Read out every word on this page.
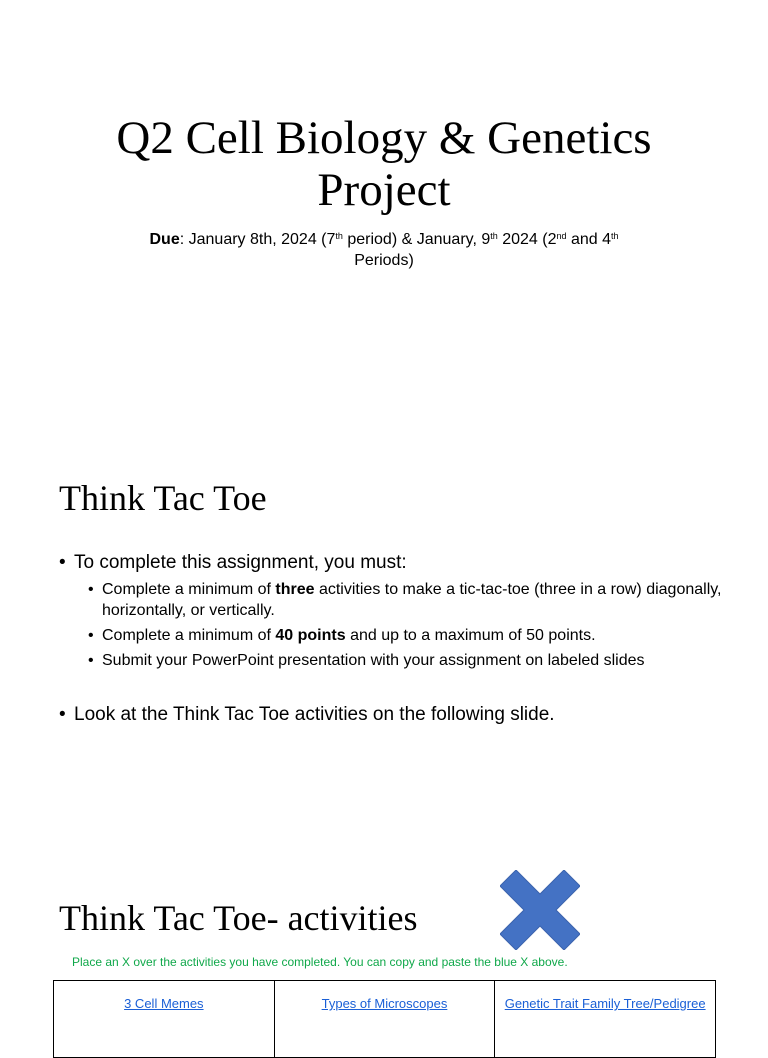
Q2 Cell Biology & Genetics
Project
Due: January 8th, 2024 (7th period) & January, 9th 2024 (2nd and 4th
Periods)
Think Tac Toe
• To complete this assignment, you must:
• Complete a minimum of three activities to make a tic-tac-toe (three in a row) diagonally, horizontally, or vertically.
• Complete a minimum of 40 points and up to a maximum of 50 points.
• Submit your PowerPoint presentation with your assignment on labeled slides
• Look at the Think Tac Toe activities on the following slide.
Think Tac Toe- activities
Place an X over the activities you have completed. You can copy and paste the blue X above.
3 Cell Memes	Types of Microscopes	Genetic Trait Family Tree/Pedigree
